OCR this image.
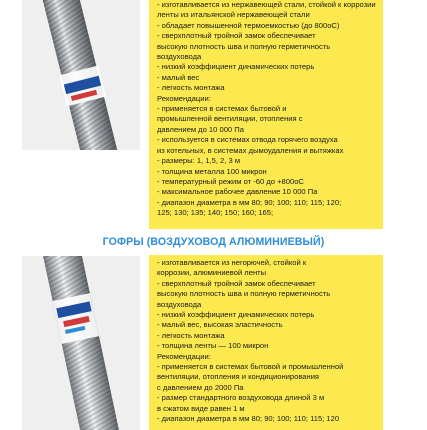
- изготавливается из нержавеющей стали, стойкой к коррозии
ленты из итальянской нержавеющей стали
- обладает повышенной термоемкостью (до 800оС)
- сверхплотный тройной замок обеспечивает
высокую плотность шва и полную герметичность
воздуховода
- низкий коэффициент динамических потерь
- малый вес
- легкость монтажа
Рекомендации:
- применяется в системах бытовой и
промышленной вентиляции, отопления с
давлением до 10 000 Па
- используется в системах отвода горячего воздуха
из котельных, в системах дымоудаления и вытяжках
- размеры: 1, 1,5, 2, 3 м
- толщина металла 100 микрон
- температурный режим от -60 до +800оС
- максимальное рабочее давление 10 000 Па
- диапазон диаметра в мм 80; 90; 100; 110; 115; 120;
125; 130; 135; 140; 150; 160; 165;
ГОФРЫ (ВОЗДУХОВОД АЛЮМИНИЕВЫЙ)
- изготавливается из негорючей, стойкой к
коррозии, алюминиевой ленты
- сверхплотный тройной замок обеспечивает
высокую плотность шва и полную герметичность
воздуховода
- низкий коэффициент динамических потерь
- малый вес, высокая эластичность
- легкость монтажа
- толщина ленты — 100 микрон
Рекомендации:
- применяется в системах бытовой и промышленной
вентиляции, отопления и кондиционирования
с давлением до 2000 Па
- размер стандартного воздуховода длиной 3 м
в сжатом виде равен 1 м
- диапазон диаметра в мм 80; 90; 100; 110; 115; 120
